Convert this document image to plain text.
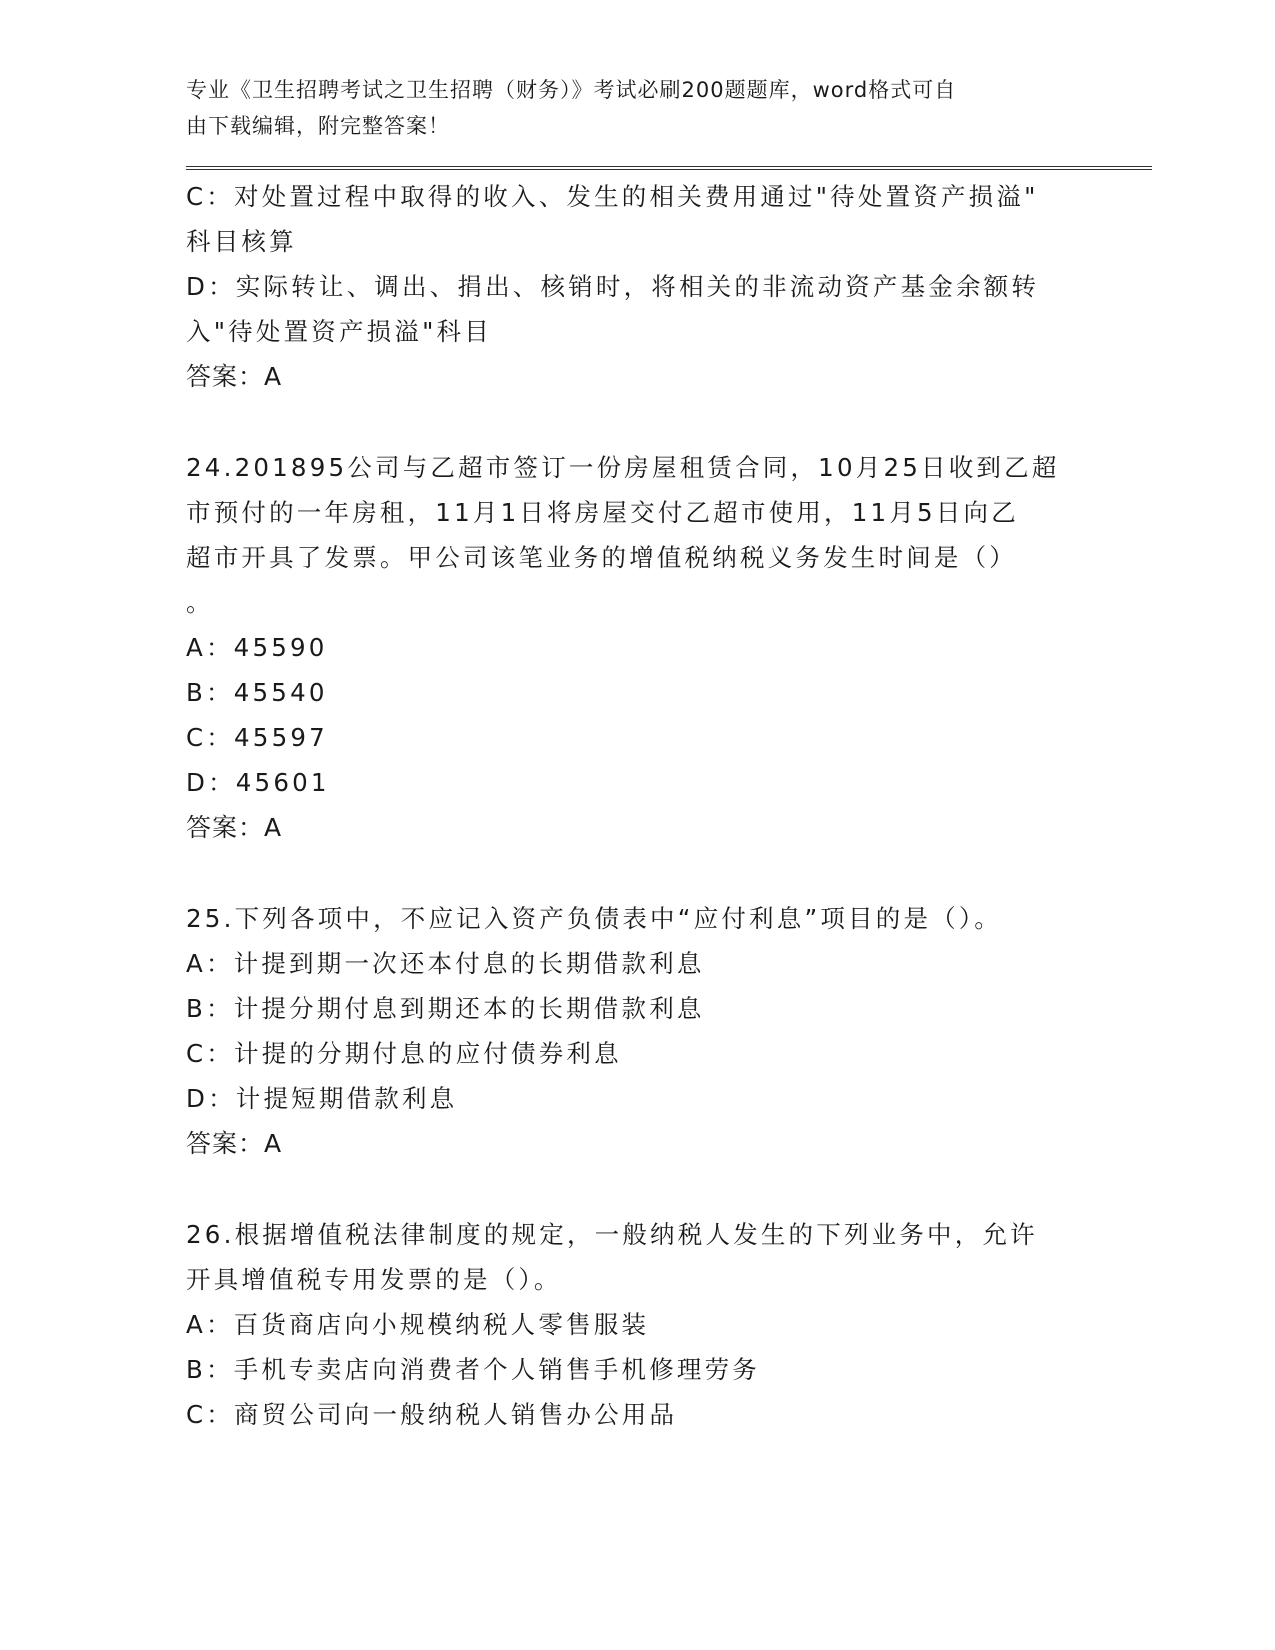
专业《卫生招聘考试之卫生招聘（财务）》考试必刷200题题库，word格式可自
由下载编辑，附完整答案！
C：对处置过程中取得的收入、发生的相关费用通过"待处置资产损溢"
科目核算
D：实际转让、调出、捐出、核销时，将相关的非流动资产基金余额转
入"待处置资产损溢"科目
答案：A
24.201895公司与乙超市签订一份房屋租赁合同，10月25日收到乙超
市预付的一年房租，11月1日将房屋交付乙超市使用，11月5日向乙
超市开具了发票。甲公司该笔业务的增值税纳税义务发生时间是（）
。
A：45590
B：45540
C：45597
D：45601
答案：A
25.下列各项中，不应记入资产负债表中“应付利息”项目的是（）。
A：计提到期一次还本付息的长期借款利息
B：计提分期付息到期还本的长期借款利息
C：计提的分期付息的应付债券利息
D：计提短期借款利息
答案：A
26.根据增值税法律制度的规定，一般纳税人发生的下列业务中，允许
开具增值税专用发票的是（）。
A：百货商店向小规模纳税人零售服装
B：手机专卖店向消费者个人销售手机修理劳务
C：商贸公司向一般纳税人销售办公用品
